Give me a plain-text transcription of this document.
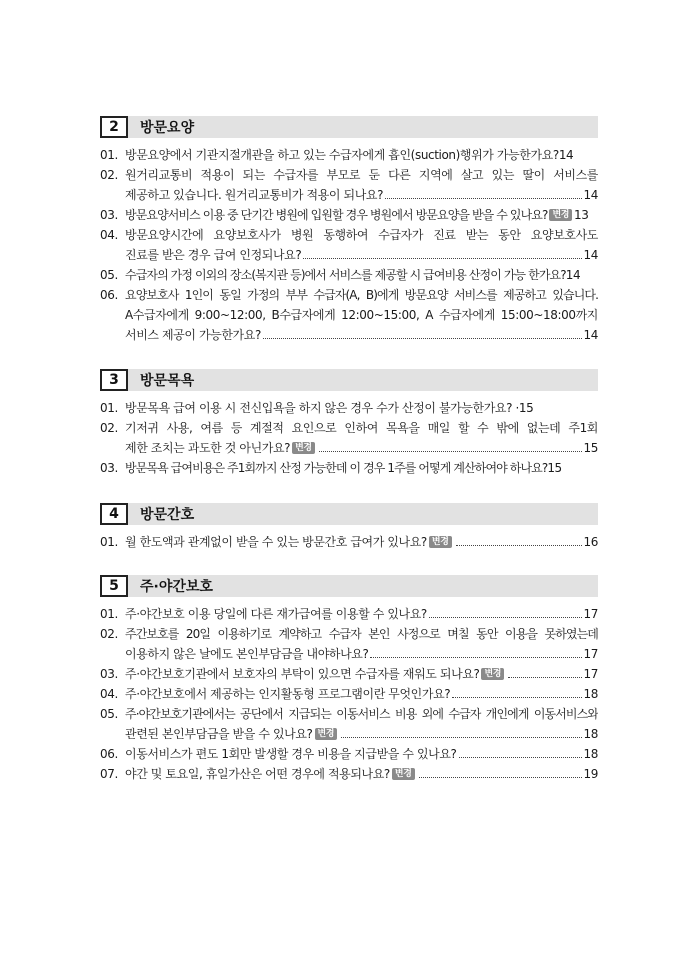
2	방문요양
01. 방문요양에서 기관지절개관을 하고 있는 수급자에게 흡인(suction)행위가 가능한가요? 14
02. 원거리교통비 적용이 되는 수급자를 부모로 둔 다른 지역에 살고 있는 딸이 서비스를
제공하고 있습니다. 원거리교통비가 적용이 되나요?	14
03. 방문요양서비스 이용 중 단기간 병원에 입원할 경우 병원에서 방문요양을 받을 수 있나요? 변경 13
04. 방문요양시간에 요양보호사가 병원 동행하여 수급자가 진료 받는 동안 요양보호사도
진료를 받은 경우 급여 인정되나요?	14
05. 수급자의 가정 이외의 장소(복지관 등)에서 서비스를 제공할 시 급여비용 산정이 가능 한가요? 14
06. 요양보호사 1인이 동일 가정의 부부 수급자(A, B)에게 방문요양 서비스를 제공하고 있습니다.
A수급자에게 9:00~12:00, B수급자에게 12:00~15:00, A 수급자에게 15:00~18:00까지
서비스 제공이 가능한가요?	14
3	방문목욕
01. 방문목욕 급여 이용 시 전신입욕을 하지 않은 경우 수가 산정이 불가능한가요? · 15
02. 기저귀 사용, 여름 등 계절적 요인으로 인하여 목욕을 매일 할 수 밖에 없는데 주1회
제한 조치는 과도한 것 아닌가요? 변경	15
03. 방문목욕 급여비용은 주1회까지 산정 가능한데 이 경우 1주를 어떻게 계산하여야 하나요? 15
4	방문간호
01. 월 한도액과 관계없이 받을 수 있는 방문간호 급여가 있나요? 변경	16
5	주·야간보호
01. 주·야간보호 이용 당일에 다른 재가급여를 이용할 수 있나요?	17
02. 주간보호를 20일 이용하기로 계약하고 수급자 본인 사정으로 며칠 동안 이용을 못하였는데
이용하지 않은 날에도 본인부담금을 내야하나요?	17
03. 주·야간보호기관에서 보호자의 부탁이 있으면 수급자를 재워도 되나요? 변경	17
04. 주·야간보호에서 제공하는 인지활동형 프로그램이란 무엇인가요?	18
05. 주·야간보호기관에서는 공단에서 지급되는 이동서비스 비용 외에 수급자 개인에게 이동서비스와
관련된 본인부담금을 받을 수 있나요? 변경	18
06. 이동서비스가 편도 1회만 발생할 경우 비용을 지급받을 수 있나요?	18
07. 야간 및 토요일, 휴일가산은 어떤 경우에 적용되나요? 변경	19
